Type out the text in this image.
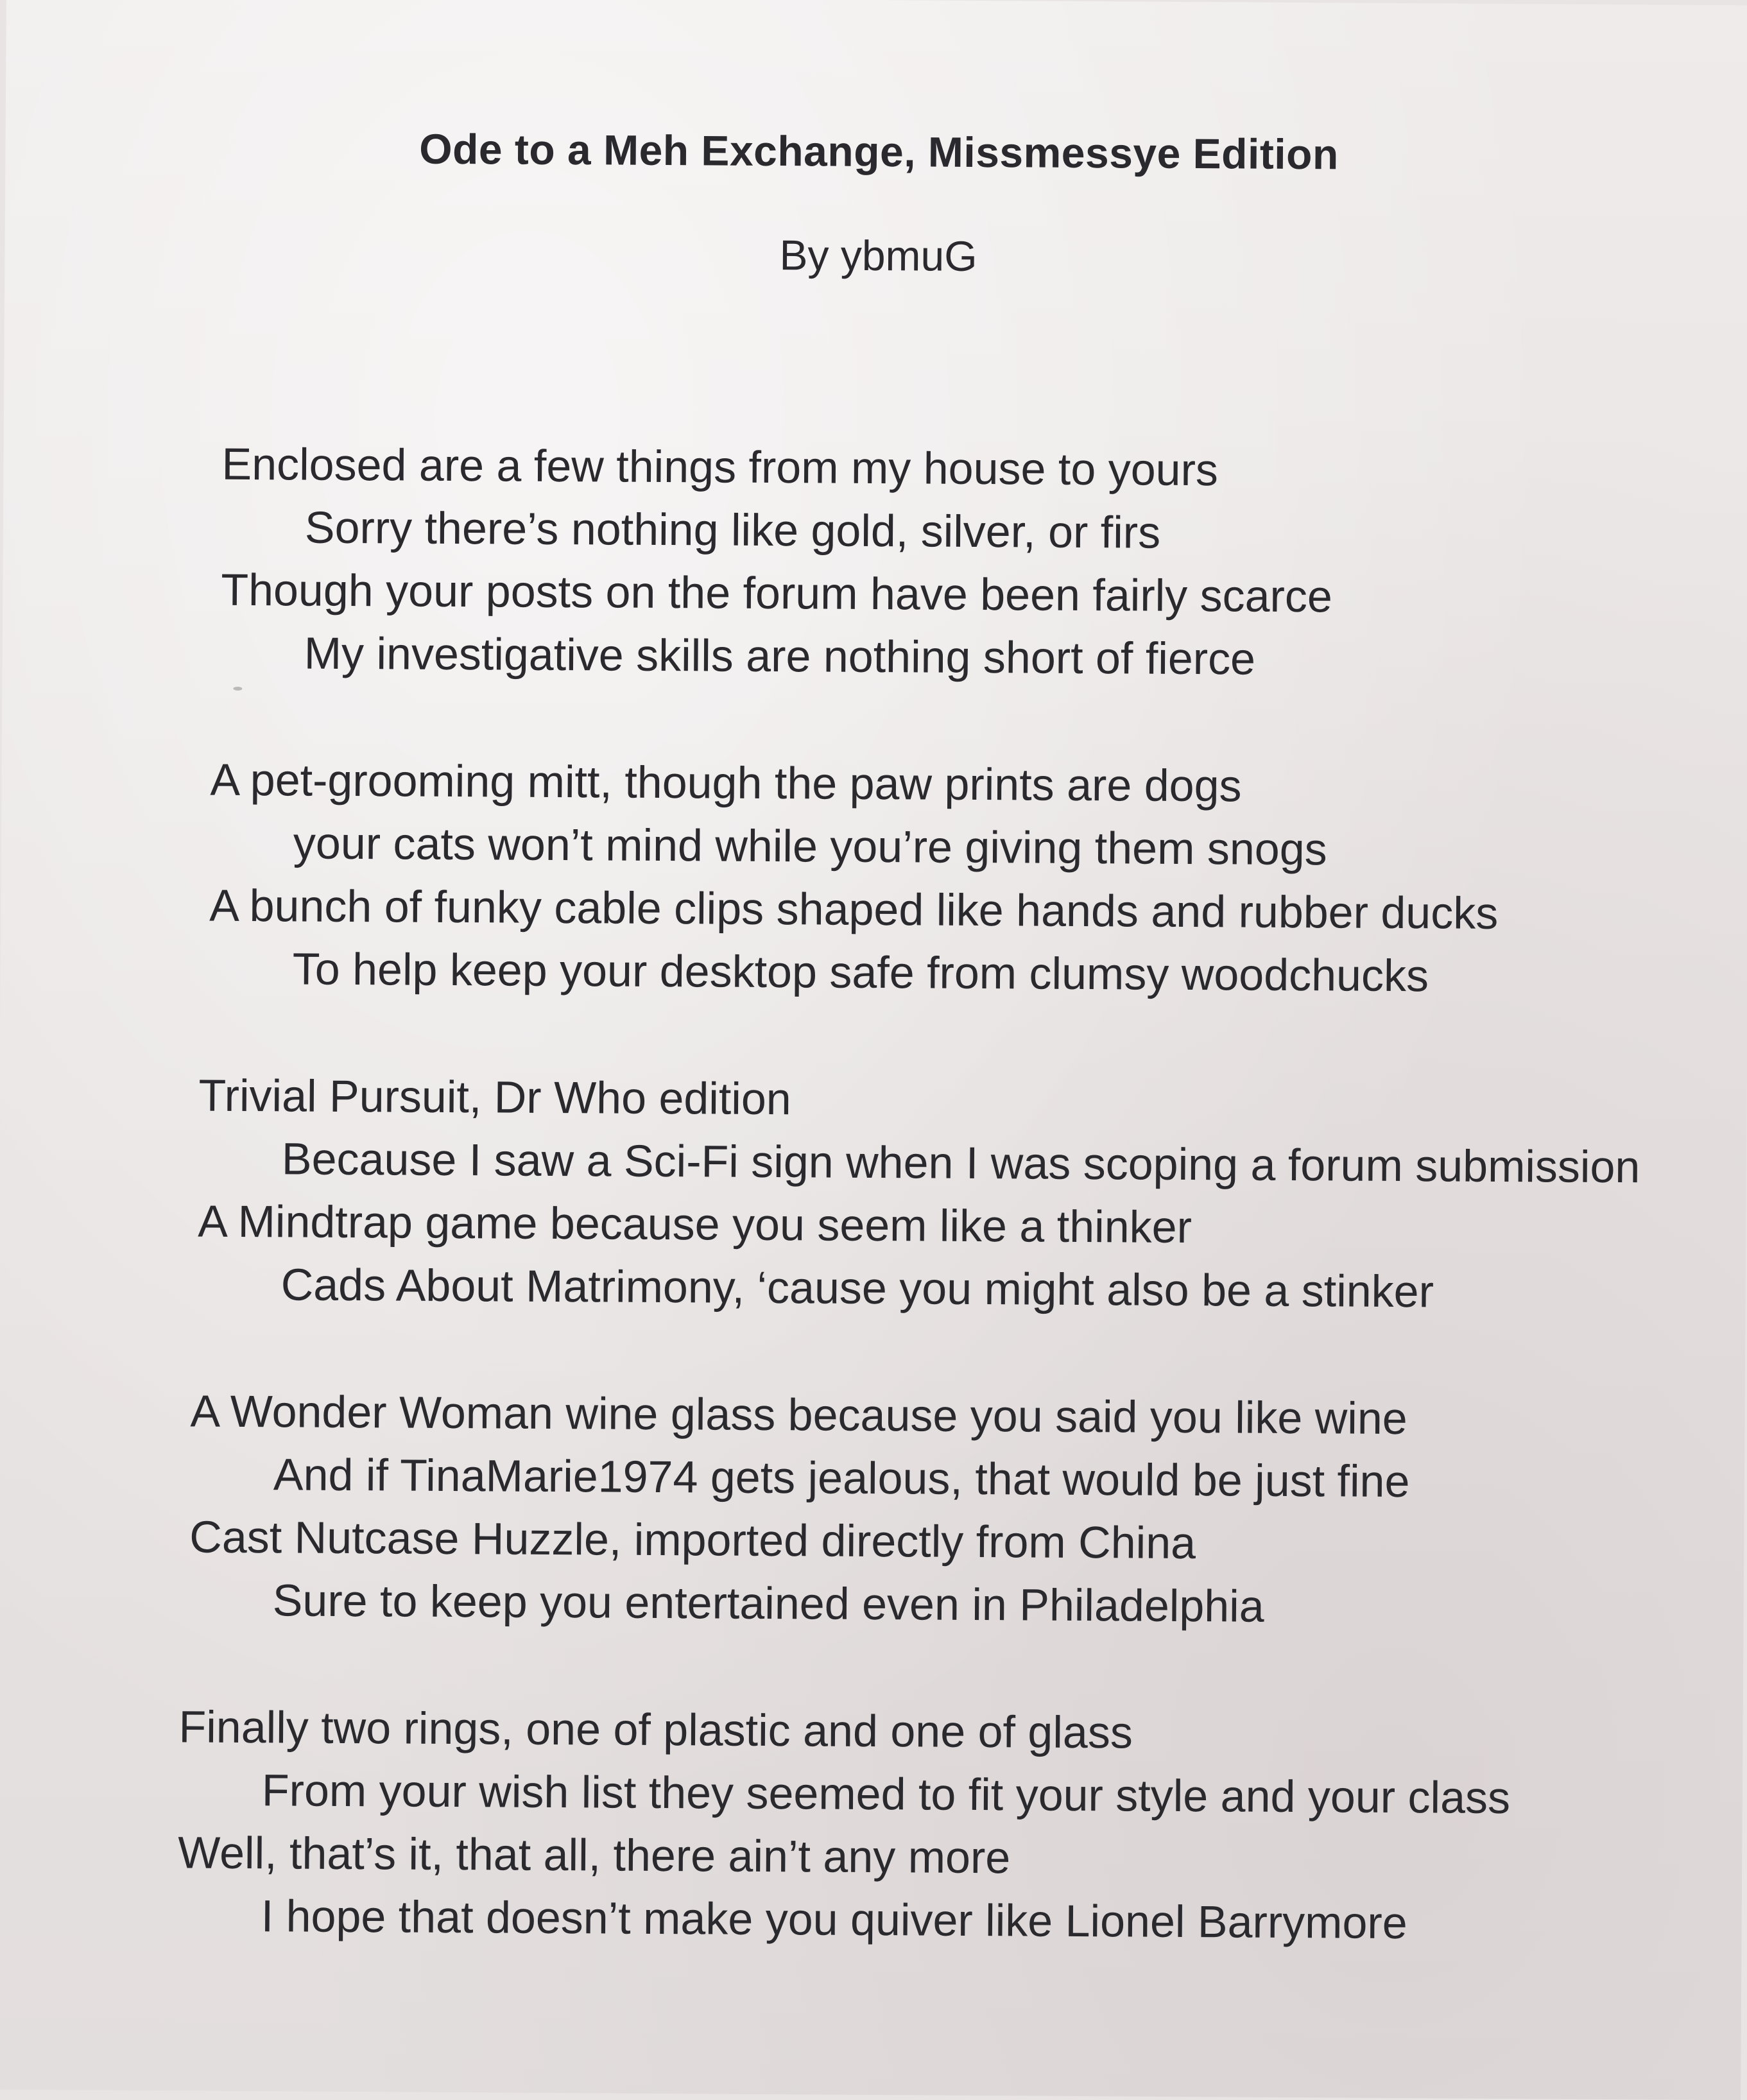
Ode to a Meh Exchange, Missmessye Edition
By ybmuG
Enclosed are a few things from my house to yours
Sorry there’s nothing like gold, silver, or firs
Though your posts on the forum have been fairly scarce
My investigative skills are nothing short of fierce
A pet-grooming mitt, though the paw prints are dogs
your cats won’t mind while you’re giving them snogs
A bunch of funky cable clips shaped like hands and rubber ducks
To help keep your desktop safe from clumsy woodchucks
Trivial Pursuit, Dr Who edition
Because I saw a Sci-Fi sign when I was scoping a forum submission
A Mindtrap game because you seem like a thinker
Cads About Matrimony, ‘cause you might also be a stinker
A Wonder Woman wine glass because you said you like wine
And if TinaMarie1974 gets jealous, that would be just fine
Cast Nutcase Huzzle, imported directly from China
Sure to keep you entertained even in Philadelphia
Finally two rings, one of plastic and one of glass
From your wish list they seemed to fit your style and your class
Well, that’s it, that all, there ain’t any more
I hope that doesn’t make you quiver like Lionel Barrymore
